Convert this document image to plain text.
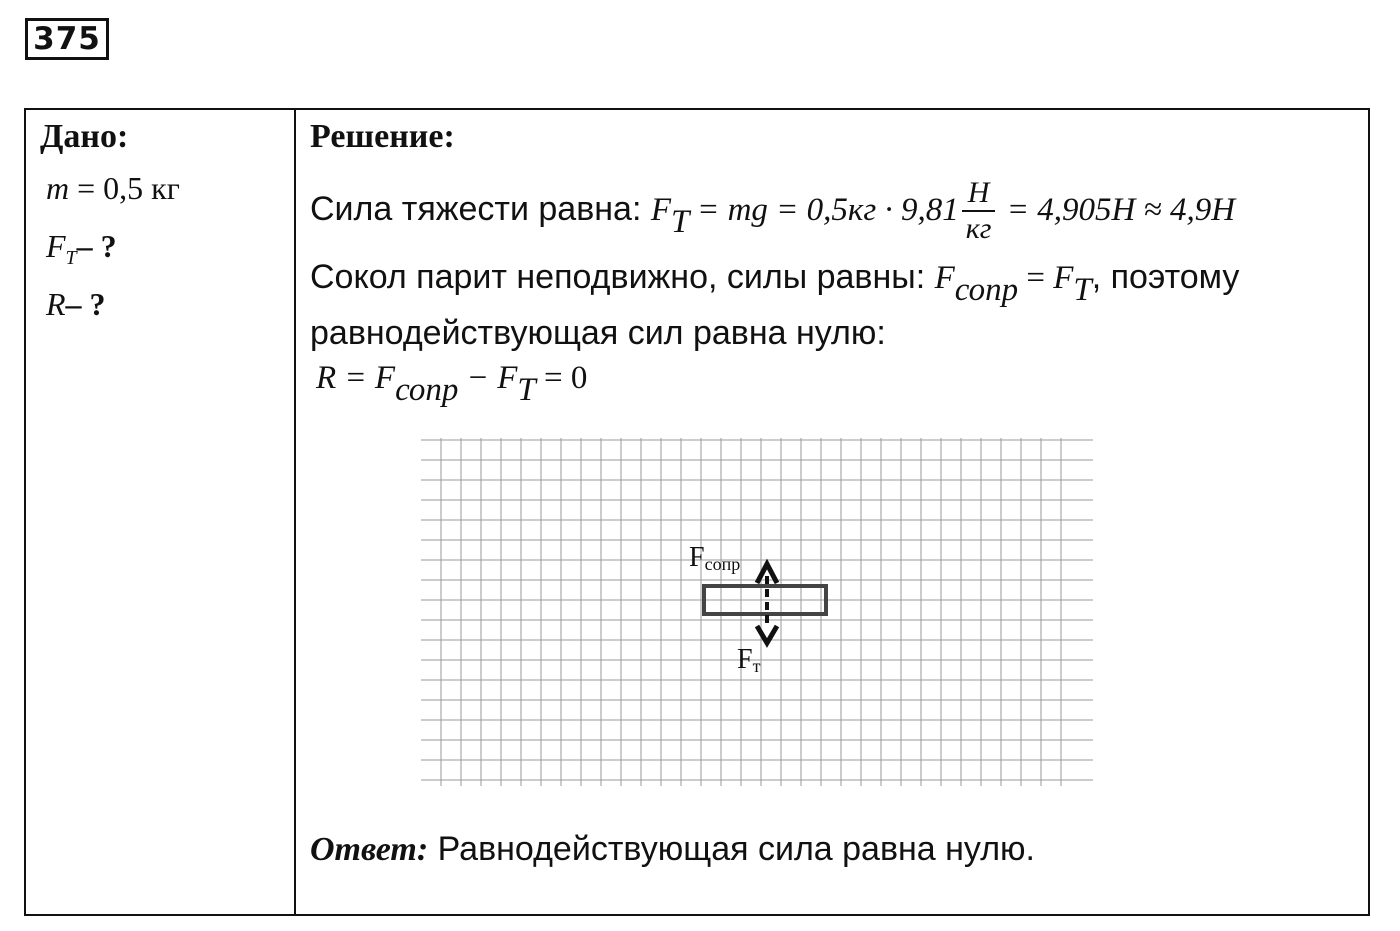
375
Дано:
m = 0,5 кг
$F_T-$ ?
R– ?
Решение:
Сила тяжести равна: FT = mg = $0,5кг \cdot 9,81 \frac{H}{кг} = 4,905H \approx 4,9H$
Сокол парит неподвижно, силы равны: Fсопр = FT, поэтому
равнодействующая сил равна нулю:
R = Fсопр − FT = 0
Fсопр
Fт
Ответ: Равнодействующая сила равна нулю.
